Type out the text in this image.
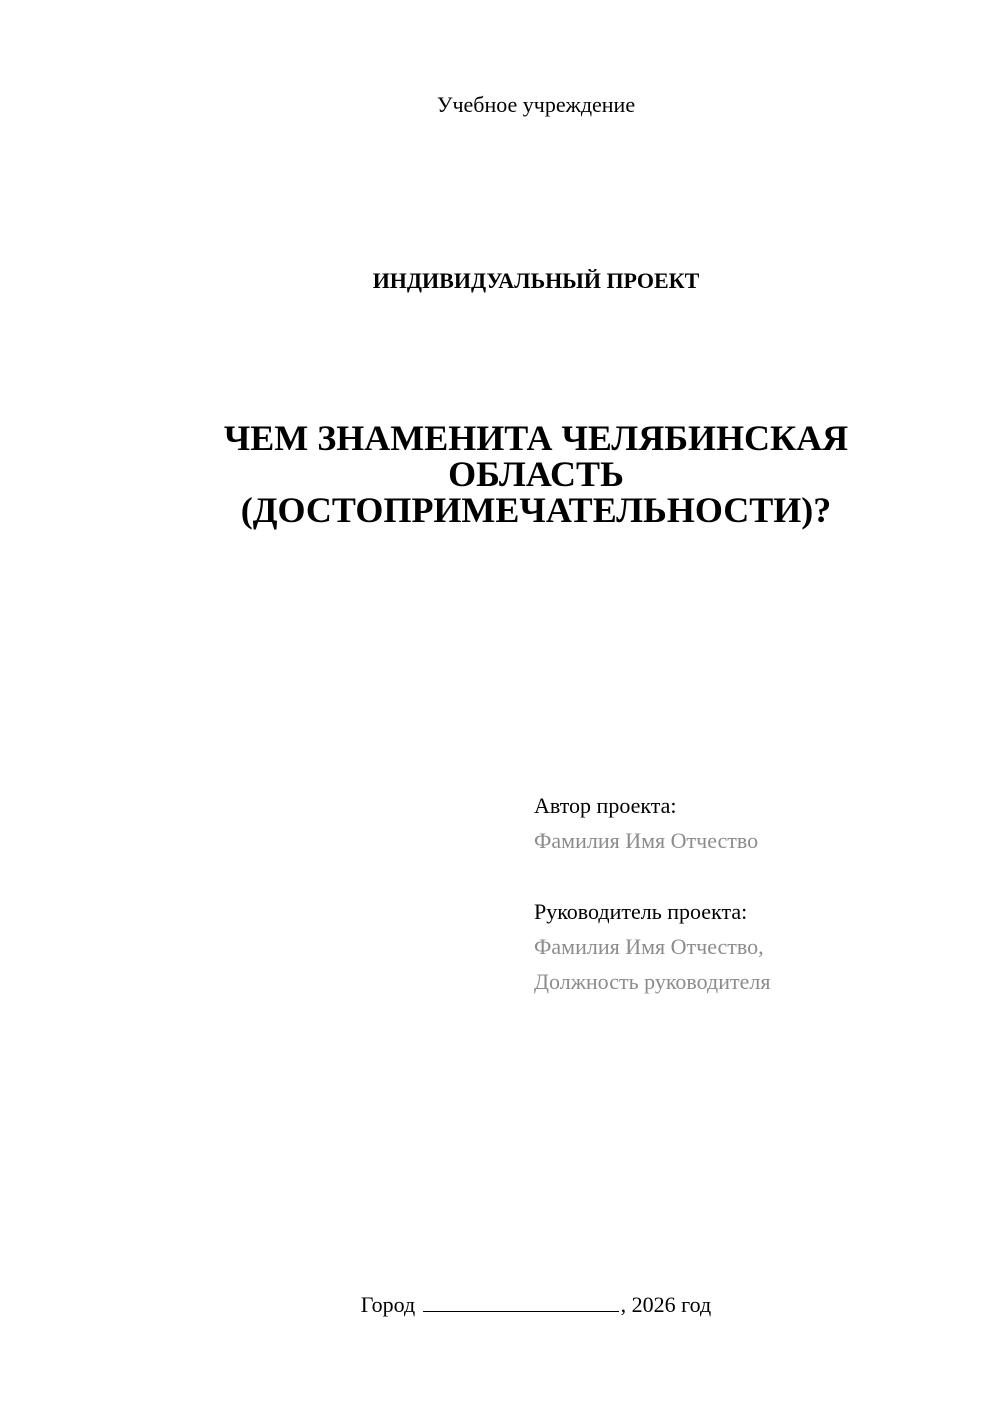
Учебное учреждение
ИНДИВИДУАЛЬНЫЙ ПРОЕКТ
ЧЕМ ЗНАМЕНИТА ЧЕЛЯБИНСКАЯ
ОБЛАСТЬ
(ДОСТОПРИМЕЧАТЕЛЬНОСТИ)?
Автор проекта:
Фамилия Имя Отчество
Руководитель проекта:
Фамилия Имя Отчество,
Должность руководителя
Город	, 2026 год
